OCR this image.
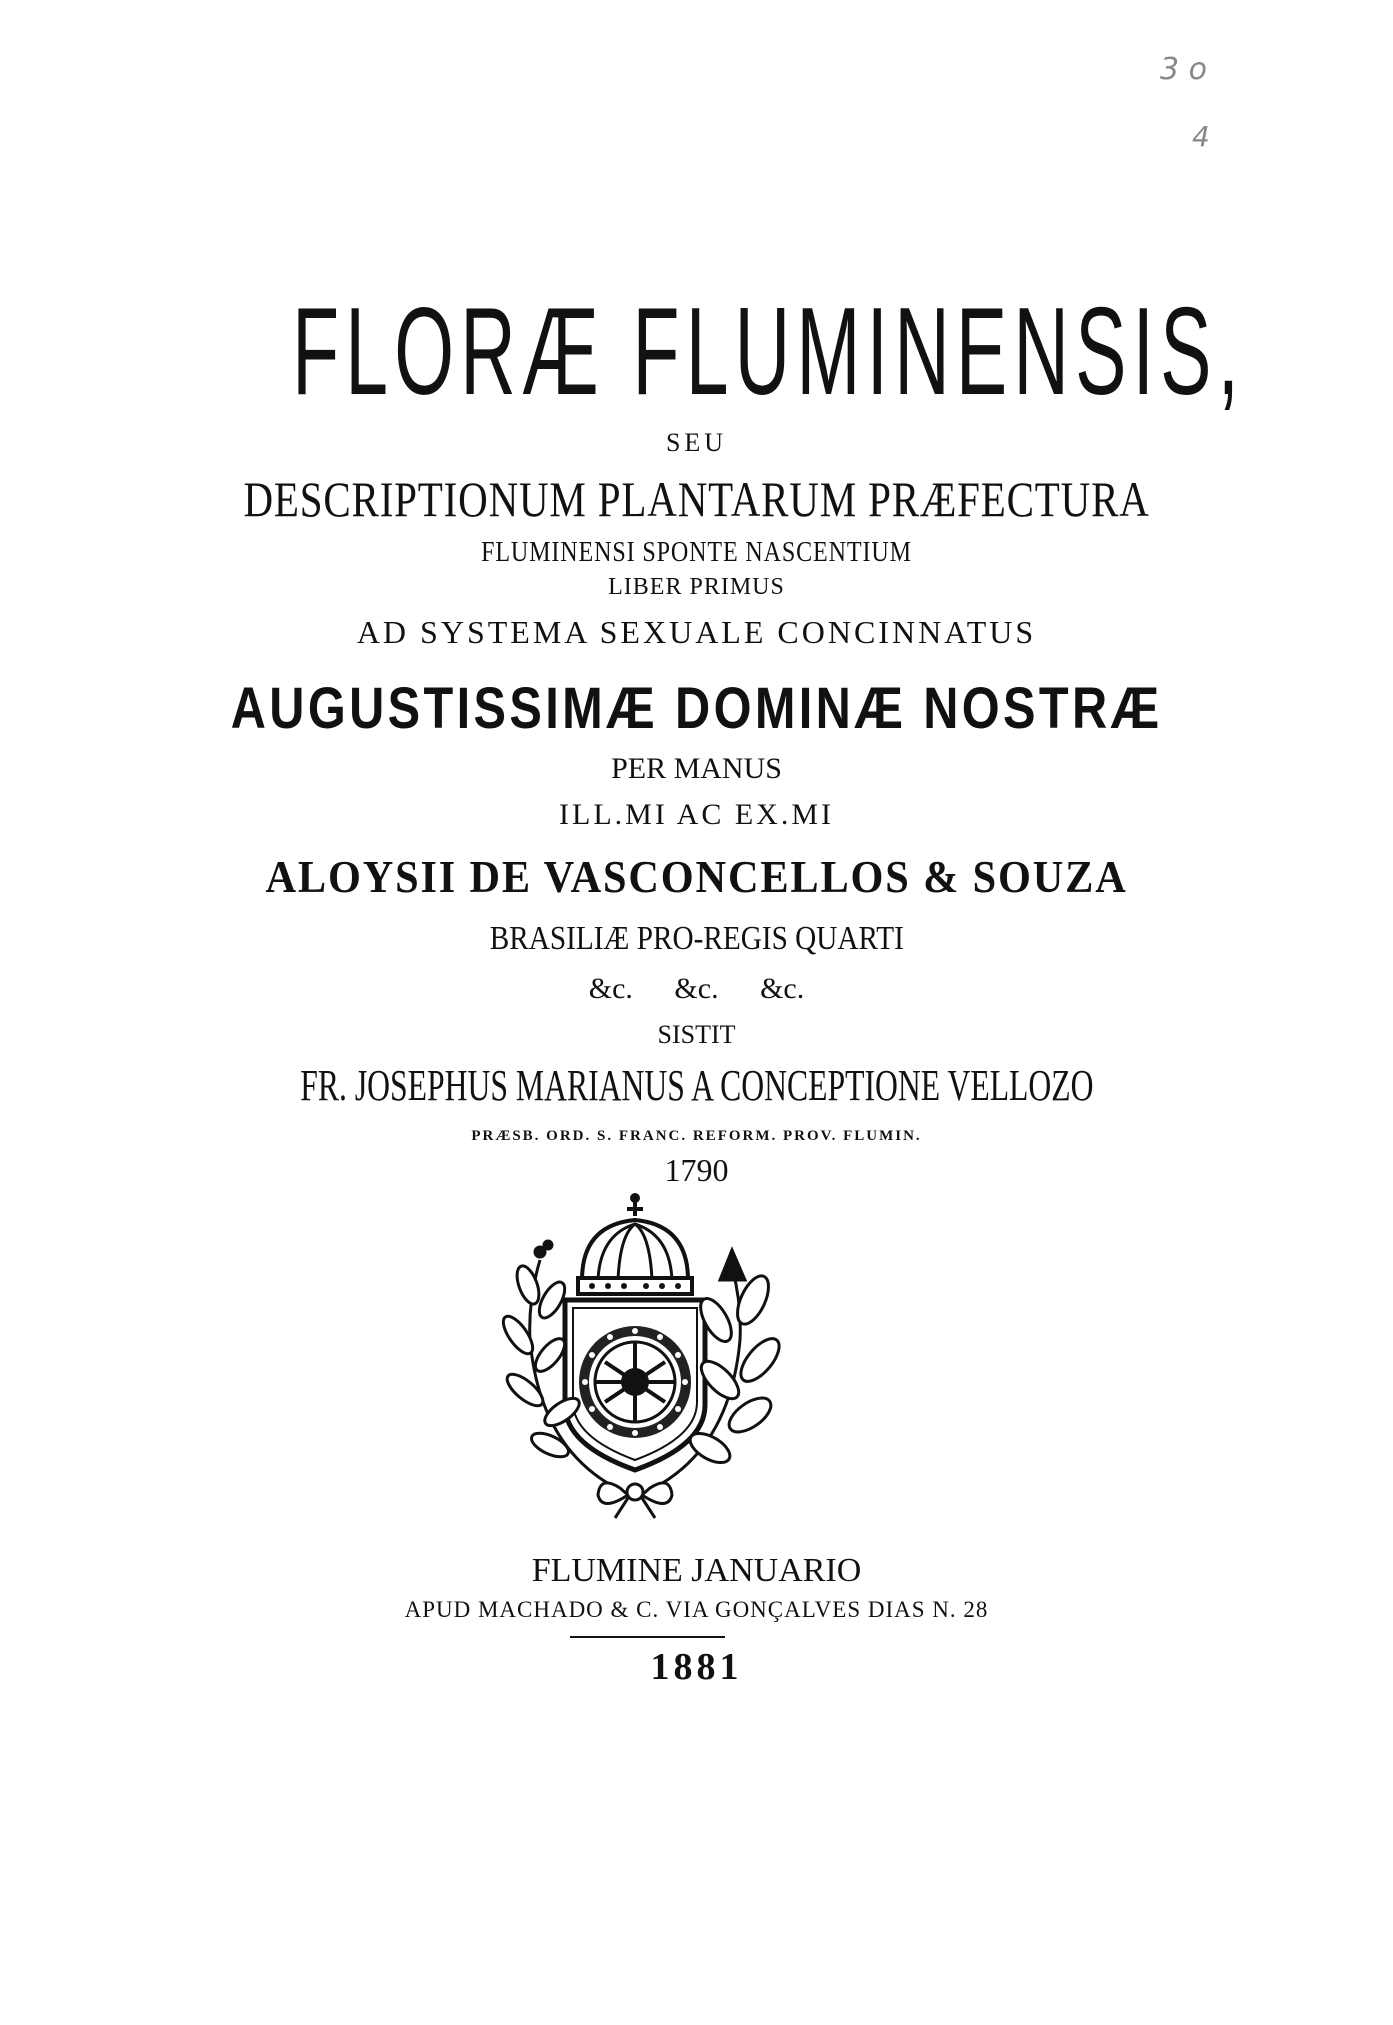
3 o
4
FLORÆ FLUMINENSIS,
SEU
DESCRIPTIONUM PLANTARUM PRÆFECTURA
FLUMINENSI SPONTE NASCENTIUM
LIBER PRIMUS
AD SYSTEMA SEXUALE CONCINNATUS
AUGUSTISSIMÆ DOMINÆ NOSTRÆ
PER MANUS
ILL.MI AC EX.MI
ALOYSII DE VASCONCELLOS & SOUZA
BRASILIÆ PRO-REGIS QUARTI
&c. &c. &c.
SISTIT
FR. JOSEPHUS MARIANUS A CONCEPTIONE VELLOZO
PRÆSB. ORD. S. FRANC. REFORM. PROV. FLUMIN.
1790
FLUMINE JANUARIO
APUD MACHADO & C. VIA GONÇALVES DIAS N. 28
1881
